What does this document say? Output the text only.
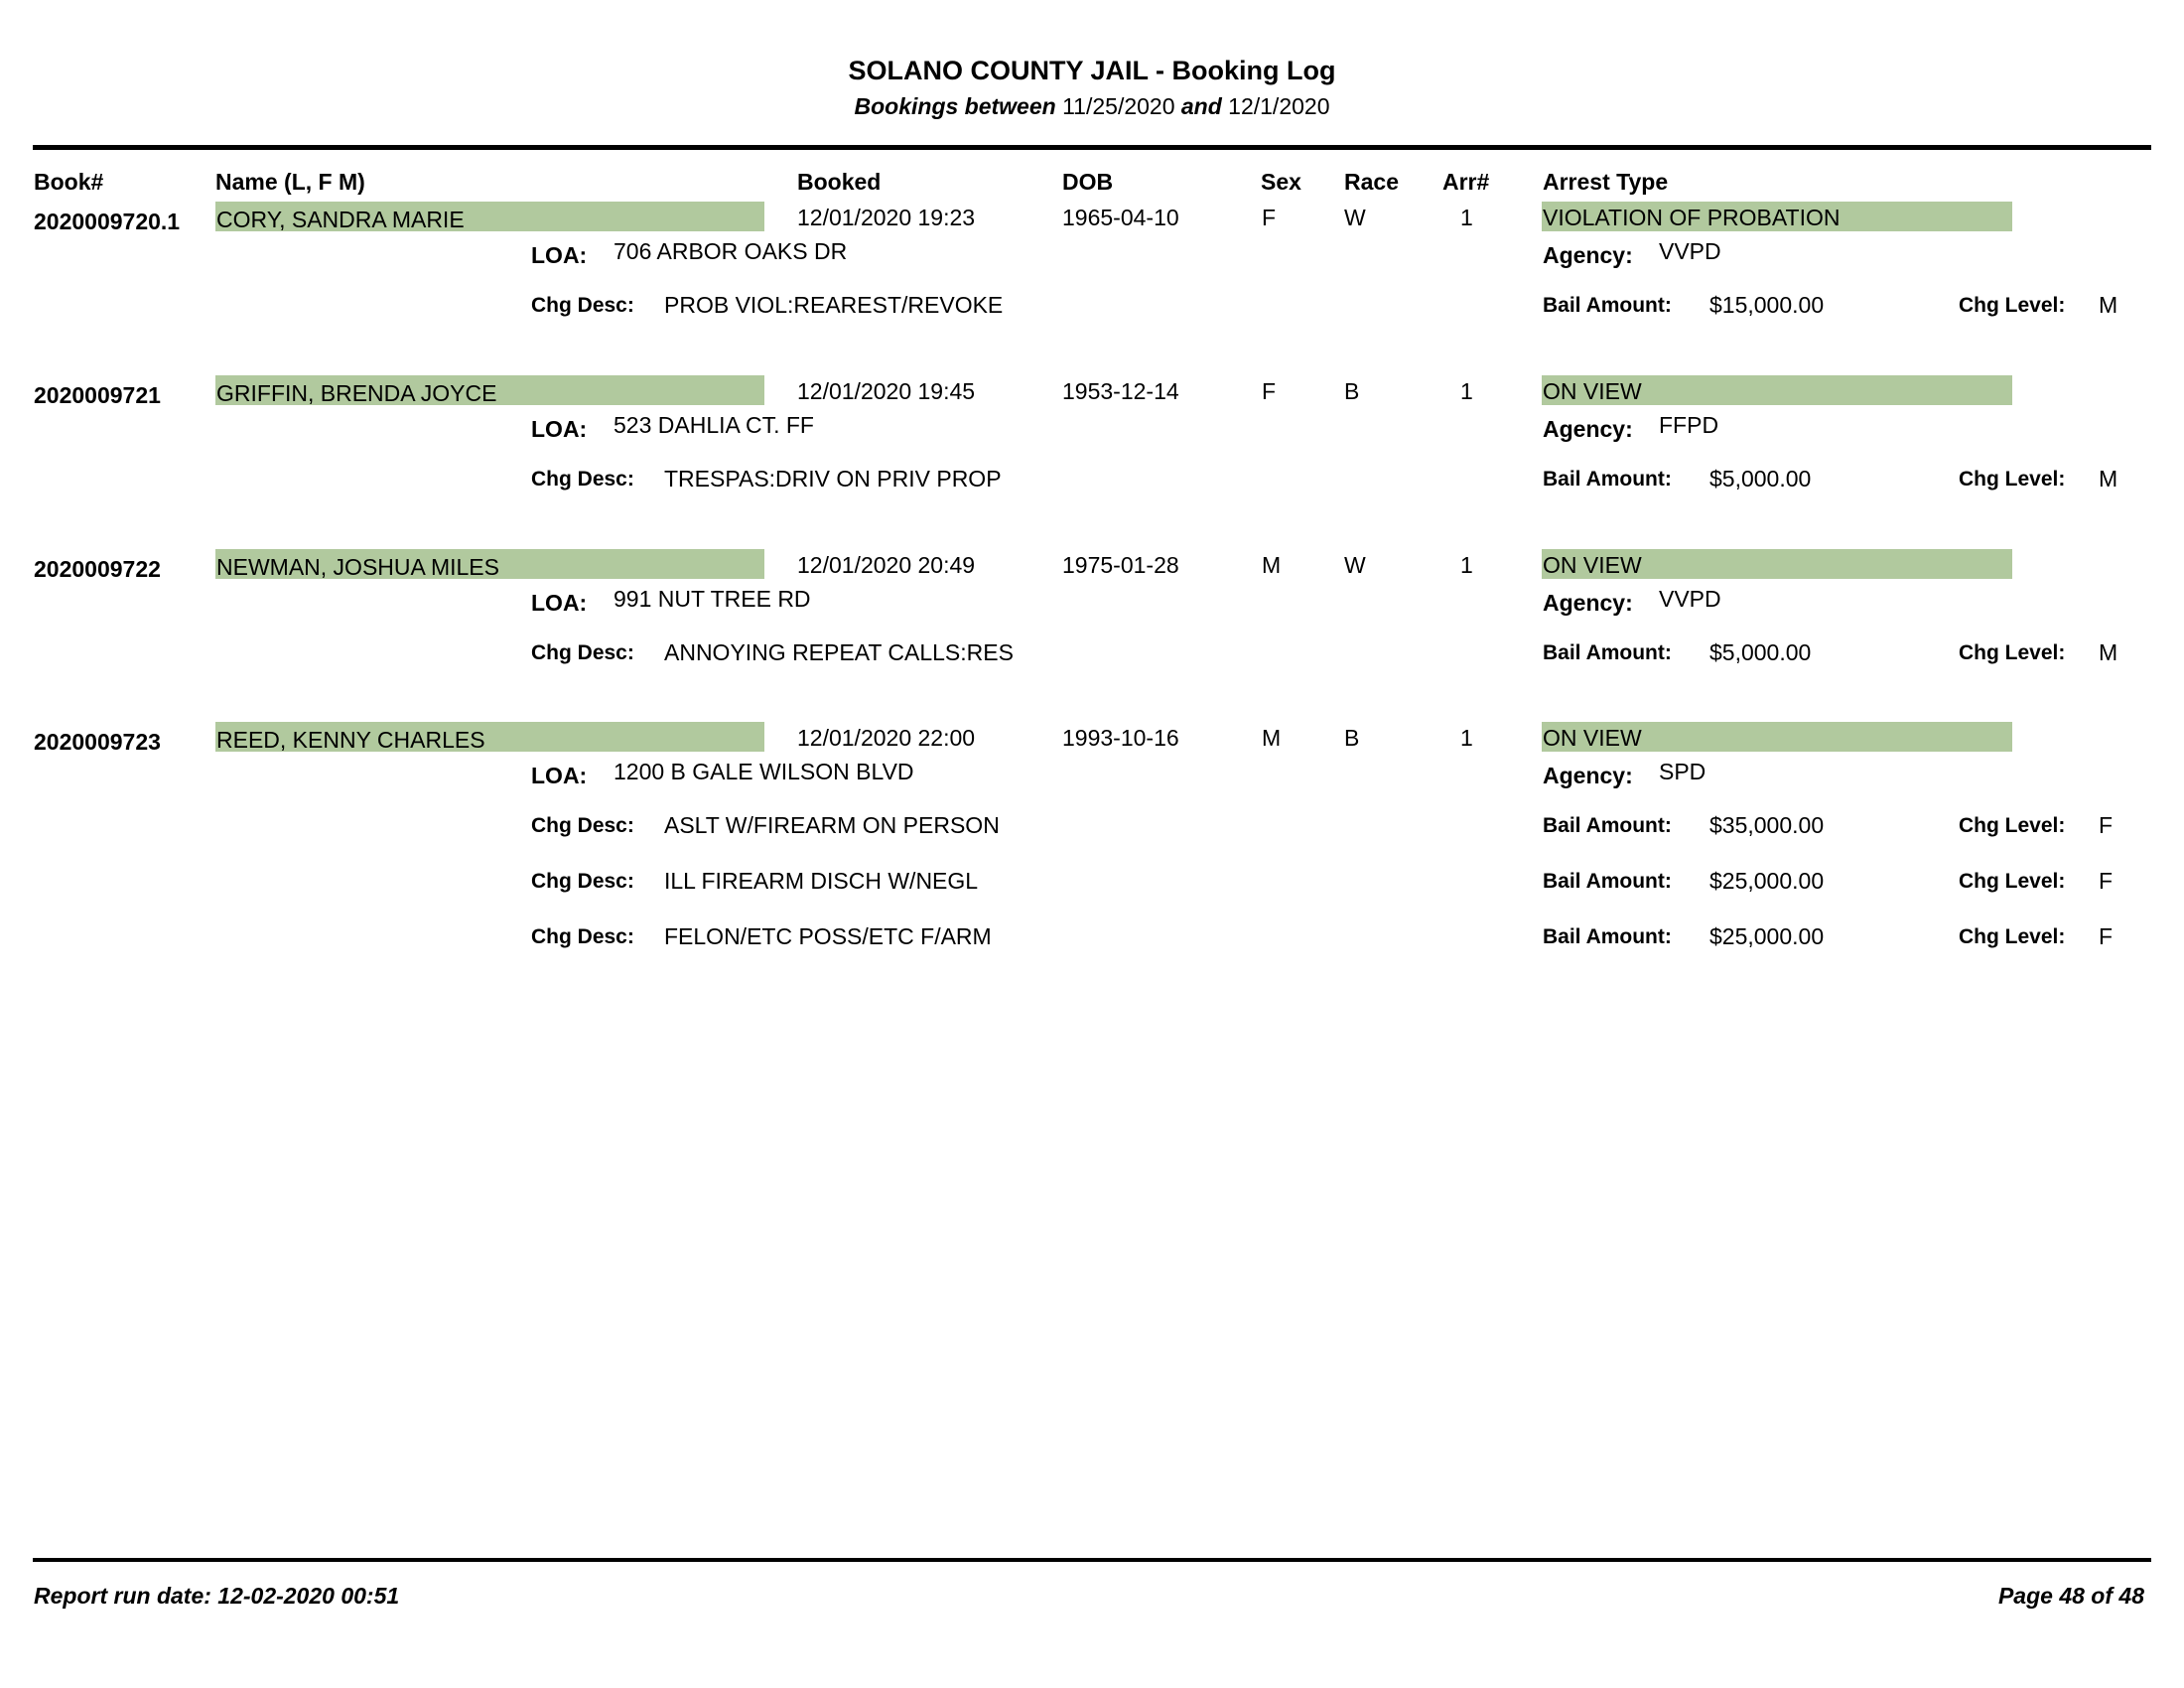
SOLANO COUNTY JAIL - Booking Log
Bookings between 11/25/2020 and 12/1/2020
Book#	Name (L, F M)	Booked	DOB	Sex Race Arr# Arrest Type
2020009720.1 CORY, SANDRA MARIE	12/01/2020 19:23	1965-04-10	F	W	1	VIOLATION OF PROBATION
LOA: 706 ARBOR OAKS DR	Agency: VVPD
Chg Desc: PROB VIOL:REAREST/REVOKE	Bail Amount: $15,000.00	Chg Level: M
2020009721 GRIFFIN, BRENDA JOYCE	12/01/2020 19:45	1953-12-14	F	B	1	ON VIEW
LOA: 523 DAHLIA CT. FF	Agency: FFPD
Chg Desc: TRESPAS:DRIV ON PRIV PROP	Bail Amount: $5,000.00	Chg Level: M
2020009722 NEWMAN, JOSHUA MILES	12/01/2020 20:49	1975-01-28	M	W	1	ON VIEW
LOA: 991 NUT TREE RD	Agency: VVPD
Chg Desc: ANNOYING REPEAT CALLS:RES	Bail Amount: $5,000.00	Chg Level: M
2020009723 REED, KENNY CHARLES	12/01/2020 22:00	1993-10-16	M	B	1	ON VIEW
LOA: 1200 B GALE WILSON BLVD	Agency: SPD
Chg Desc: ASLT W/FIREARM ON PERSON	Bail Amount: $35,000.00	Chg Level: F
Chg Desc: ILL FIREARM DISCH W/NEGL	Bail Amount: $25,000.00	Chg Level: F
Chg Desc: FELON/ETC POSS/ETC F/ARM	Bail Amount: $25,000.00	Chg Level: F
Report run date: 12-02-2020 00:51	Page 48 of 48
